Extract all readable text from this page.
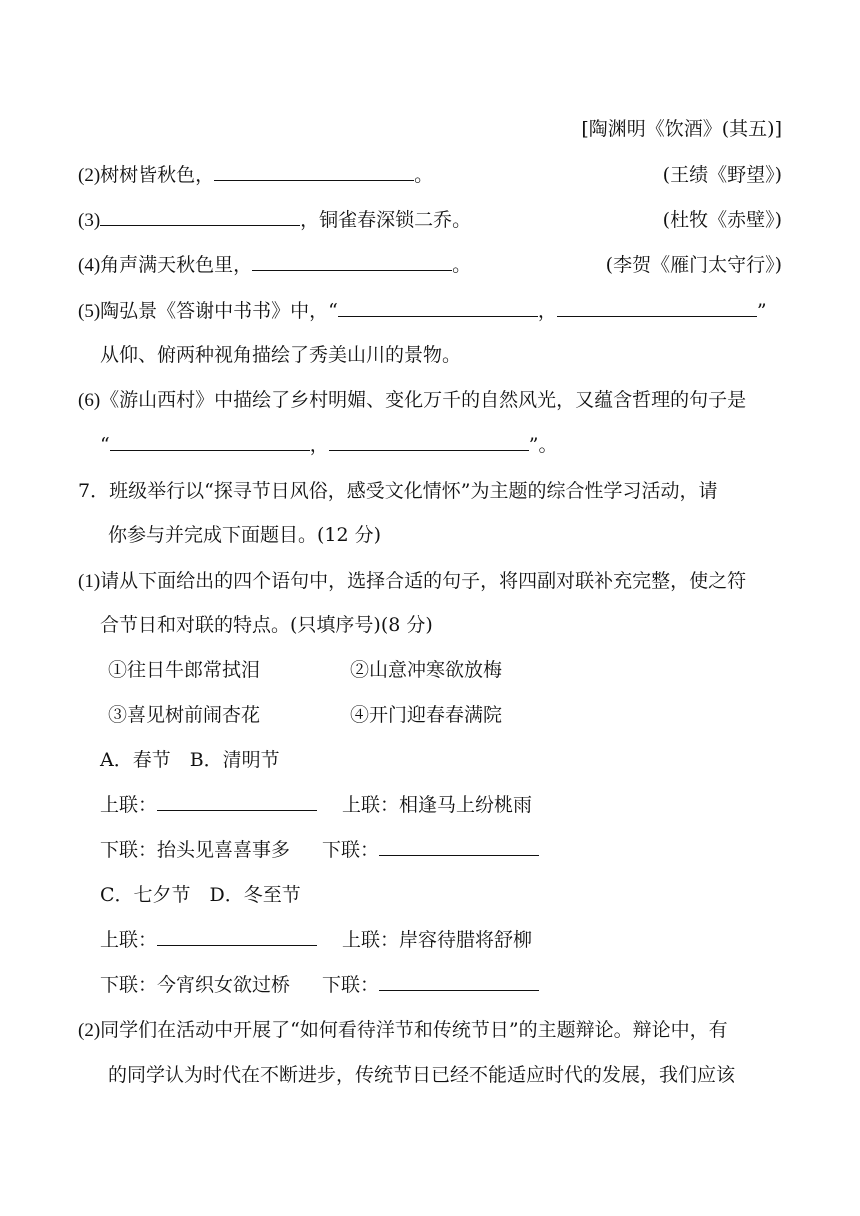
[陶渊明《饮酒》(其五)]
(2)树树皆秋色，	。	(王绩《野望》)
(3)	，铜雀春深锁二乔。	(杜牧《赤壁》)
(4)角声满天秋色里，	。	(李贺《雁门太守行》)
(5)陶弘景《答谢中书书》中，“	，	”
从仰、俯两种视角描绘了秀美山川的景物。
(6)《游山西村》中描绘了乡村明媚、变化万千的自然风光，又蕴含哲理的句子是
“	，	”。
7．班级举行以“探寻节日风俗，感受文化情怀”为主题的综合性学习活动，请
你参与并完成下面题目。(12 分)
(1)请从下面给出的四个语句中，选择合适的句子，将四副对联补充完整，使之符
合节日和对联的特点。(只填序号)(8 分)
①往日牛郎常拭泪	②山意冲寒欲放梅
③喜见树前闹杏花	④开门迎春春满院
A．春节　B．清明节
上联：	上联：相逢马上纷桃雨
下联：抬头见喜喜事多 下联：
C．七夕节　D．冬至节
上联：	上联：岸容待腊将舒柳
下联：今宵织女欲过桥 下联：
(2)同学们在活动中开展了“如何看待洋节和传统节日”的主题辩论。辩论中，有
的同学认为时代在不断进步，传统节日已经不能适应时代的发展，我们应该
